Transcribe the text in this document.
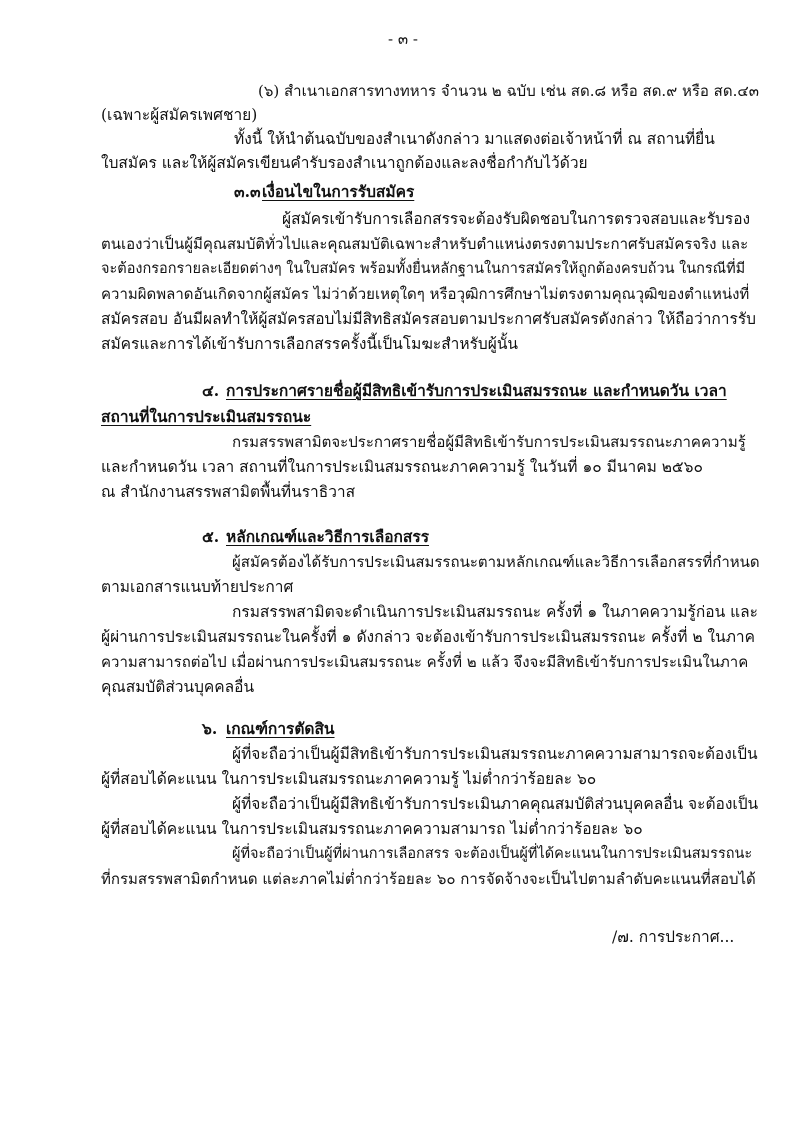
- ๓ -
(๖) สำเนาเอกสารทางทหาร จำนวน ๒ ฉบับ เช่น สด.๘ หรือ สด.๙ หรือ สด.๔๓
(เฉพาะผู้สมัครเพศชาย)
ทั้งนี้ ให้นำต้นฉบับของสำเนาดังกล่าว มาแสดงต่อเจ้าหน้าที่ ณ สถานที่ยื่น
ใบสมัคร และให้ผู้สมัครเขียนคำรับรองสำเนาถูกต้องและลงชื่อกำกับไว้ด้วย
๓.๓ เงื่อนไขในการรับสมัคร
ผู้สมัครเข้ารับการเลือกสรรจะต้องรับผิดชอบในการตรวจสอบและรับรอง
ตนเองว่าเป็นผู้มีคุณสมบัติทั่วไปและคุณสมบัติเฉพาะสำหรับตำแหน่งตรงตามประกาศรับสมัครจริง และ
จะต้องกรอกรายละเอียดต่างๆ ในใบสมัคร พร้อมทั้งยื่นหลักฐานในการสมัครให้ถูกต้องครบถ้วน ในกรณีที่มี
ความผิดพลาดอันเกิดจากผู้สมัคร ไม่ว่าด้วยเหตุใดๆ หรือวุฒิการศึกษาไม่ตรงตามคุณวุฒิของตำแหน่งที่
สมัครสอบ อันมีผลทำให้ผู้สมัครสอบไม่มีสิทธิสมัครสอบตามประกาศรับสมัครดังกล่าว ให้ถือว่าการรับ
สมัครและการได้เข้ารับการเลือกสรรครั้งนี้เป็นโมฆะสำหรับผู้นั้น
๔. การประกาศรายชื่อผู้มีสิทธิเข้ารับการประเมินสมรรถนะ และกำหนดวัน เวลา
สถานที่ในการประเมินสมรรถนะ
กรมสรรพสามิตจะประกาศรายชื่อผู้มีสิทธิเข้ารับการประเมินสมรรถนะภาคความรู้
และกำหนดวัน เวลา สถานที่ในการประเมินสมรรถนะภาคความรู้ ในวันที่ ๑๐ มีนาคม ๒๕๖๐
ณ สำนักงานสรรพสามิตพื้นที่นราธิวาส
๕. หลักเกณฑ์และวิธีการเลือกสรร
ผู้สมัครต้องได้รับการประเมินสมรรถนะตามหลักเกณฑ์และวิธีการเลือกสรรที่กำหนด
ตามเอกสารแนบท้ายประกาศ
กรมสรรพสามิตจะดำเนินการประเมินสมรรถนะ ครั้งที่ ๑ ในภาคความรู้ก่อน และ
ผู้ผ่านการประเมินสมรรถนะในครั้งที่ ๑ ดังกล่าว จะต้องเข้ารับการประเมินสมรรถนะ ครั้งที่ ๒ ในภาค
ความสามารถต่อไป เมื่อผ่านการประเมินสมรรถนะ ครั้งที่ ๒ แล้ว จึงจะมีสิทธิเข้ารับการประเมินในภาค
คุณสมบัติส่วนบุคคลอื่น
๖. เกณฑ์การตัดสิน
ผู้ที่จะถือว่าเป็นผู้มีสิทธิเข้ารับการประเมินสมรรถนะภาคความสามารถจะต้องเป็น
ผู้ที่สอบได้คะแนน ในการประเมินสมรรถนะภาคความรู้ ไม่ต่ำกว่าร้อยละ ๖๐
ผู้ที่จะถือว่าเป็นผู้มีสิทธิเข้ารับการประเมินภาคคุณสมบัติส่วนบุคคลอื่น จะต้องเป็น
ผู้ที่สอบได้คะแนน ในการประเมินสมรรถนะภาคความสามารถ ไม่ต่ำกว่าร้อยละ ๖๐
ผู้ที่จะถือว่าเป็นผู้ที่ผ่านการเลือกสรร จะต้องเป็นผู้ที่ได้คะแนนในการประเมินสมรรถนะ
ที่กรมสรรพสามิตกำหนด แต่ละภาคไม่ต่ำกว่าร้อยละ ๖๐ การจัดจ้างจะเป็นไปตามลำดับคะแนนที่สอบได้
/๗. การประกาศ...
